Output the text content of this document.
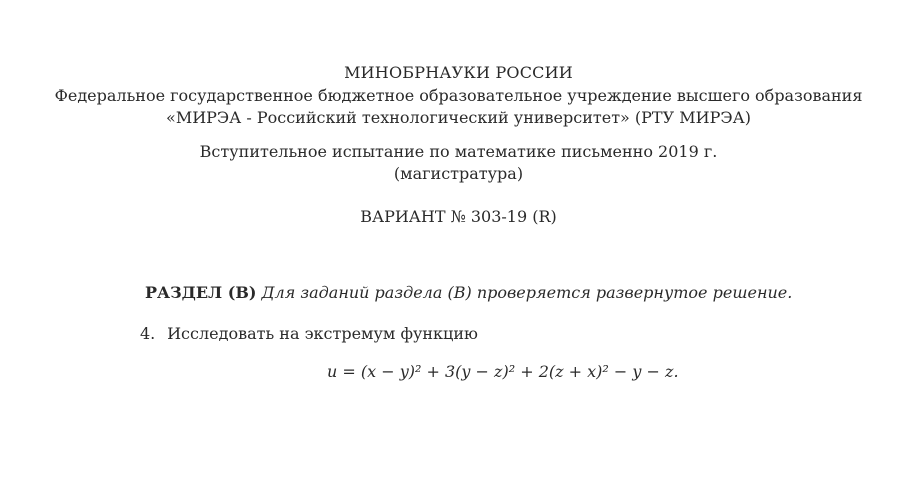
МИНОБРНАУКИ РОССИИ
Федеральное государственное бюджетное образовательное учреждение высшего образования
«МИРЭА - Российский технологический университет» (РТУ МИРЭА)
Вступительное испытание по математике письменно 2019 г.
(магистратура)
ВАРИАНТ № 303-19 (R)
РАЗДЕЛ (B) Для заданий раздела (B) проверяется развернутое решение.
4. Исследовать на экстремум функцию
u = (x − y)² + 3(y − z)² + 2(z + x)² − y − z.
